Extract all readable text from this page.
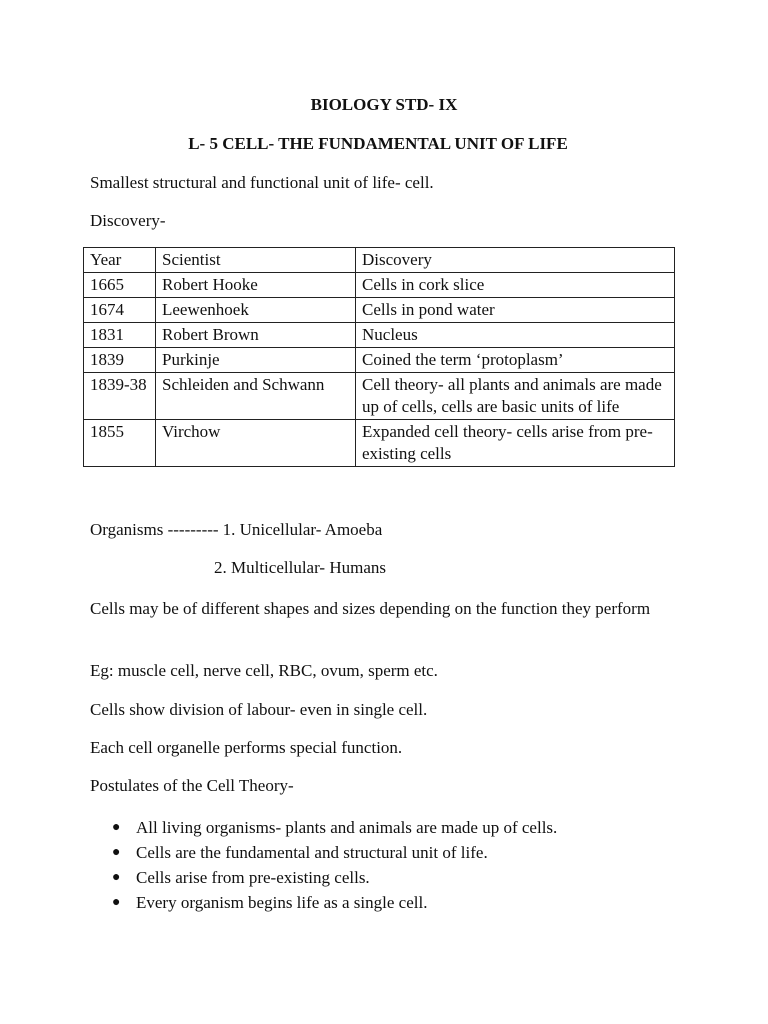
BIOLOGY STD- IX
L- 5 CELL- THE FUNDAMENTAL UNIT OF LIFE
Smallest structural and functional unit of life- cell.
Discovery-
Year	Scientist	Discovery
1665	Robert Hooke	Cells in cork slice
1674	Leewenhoek	Cells in pond water
1831	Robert Brown	Nucleus
1839	Purkinje	Coined the term ‘protoplasm’
1839-38	Schleiden and Schwann	Cell theory- all plants and animals are made up of cells, cells are basic units of life
1855	Virchow	Expanded cell theory- cells arise from pre-existing cells
Organisms --------- 1. Unicellular- Amoeba
2. Multicellular- Humans
Cells may be of different shapes and sizes depending on the function they perform
Eg: muscle cell, nerve cell, RBC, ovum, sperm etc.
Cells show division of labour- even in single cell.
Each cell organelle performs special function.
Postulates of the Cell Theory-
● All living organisms- plants and animals are made up of cells.
● Cells are the fundamental and structural unit of life.
● Cells arise from pre-existing cells.
● Every organism begins life as a single cell.
